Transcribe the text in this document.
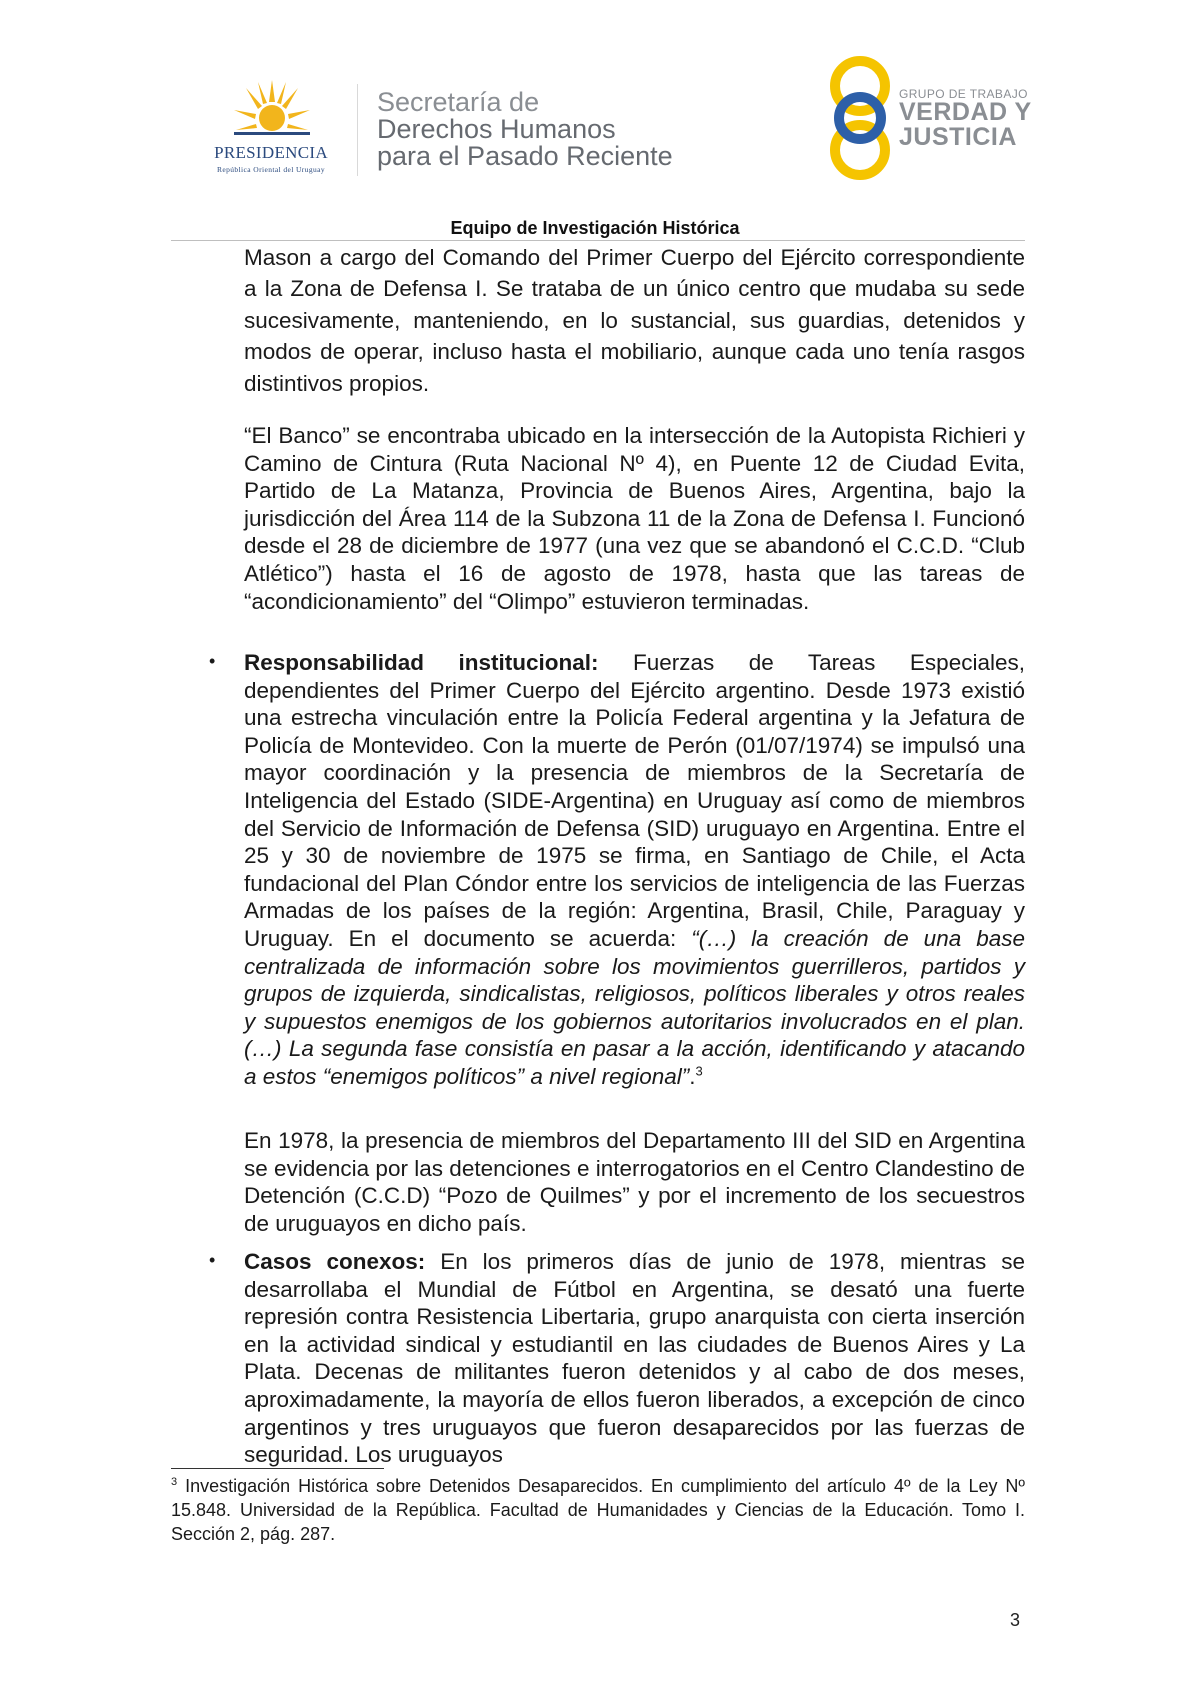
PRESIDENCIA
República Oriental del Uruguay
Secretaría de
Derechos Humanos
para el Pasado Reciente
GRUPO DE TRABAJO
VERDAD Y
JUSTICIA
Equipo de Investigación Histórica
Mason a cargo del Comando del Primer Cuerpo del Ejército correspondiente a la Zona de Defensa I. Se trataba de un único centro que mudaba su sede sucesivamente, manteniendo, en lo sustancial, sus guardias, detenidos y modos de operar, incluso hasta el mobiliario, aunque cada uno tenía rasgos distintivos propios.
“El Banco” se encontraba ubicado en la intersección de la Autopista Richieri y Camino de Cintura (Ruta Nacional Nº 4), en Puente 12 de Ciudad Evita, Partido de La Matanza, Provincia de Buenos Aires, Argentina, bajo la jurisdicción del Área 114 de la Subzona 11 de la Zona de Defensa I. Funcionó desde el 28 de diciembre de 1977 (una vez que se abandonó el C.C.D. “Club Atlético”) hasta el 16 de agosto de 1978, hasta que las tareas de “acondicionamiento” del “Olimpo” estuvieron terminadas.
• Responsabilidad institucional: Fuerzas de Tareas Especiales, dependientes del Primer Cuerpo del Ejército argentino. Desde 1973 existió una estrecha vinculación entre la Policía Federal argentina y la Jefatura de Policía de Montevideo. Con la muerte de Perón (01/07/1974) se impulsó una mayor coordinación y la presencia de miembros de la Secretaría de Inteligencia del Estado (SIDE-Argentina) en Uruguay así como de miembros del Servicio de Información de Defensa (SID) uruguayo en Argentina. Entre el 25 y 30 de noviembre de 1975 se firma, en Santiago de Chile, el Acta fundacional del Plan Cóndor entre los servicios de inteligencia de las Fuerzas Armadas de los países de la región: Argentina, Brasil, Chile, Paraguay y Uruguay. En el documento se acuerda: “(…) la creación de una base centralizada de información sobre los movimientos guerrilleros, partidos y grupos de izquierda, sindicalistas, religiosos, políticos liberales y otros reales y supuestos enemigos de los gobiernos autoritarios involucrados en el plan. (…) La segunda fase consistía en pasar a la acción, identificando y atacando a estos “enemigos políticos” a nivel regional”.$^3$
En 1978, la presencia de miembros del Departamento III del SID en Argentina se evidencia por las detenciones e interrogatorios en el Centro Clandestino de Detención (C.C.D) “Pozo de Quilmes” y por el incremento de los secuestros de uruguayos en dicho país.
• Casos conexos: En los primeros días de junio de 1978, mientras se desarrollaba el Mundial de Fútbol en Argentina, se desató una fuerte represión contra Resistencia Libertaria, grupo anarquista con cierta inserción en la actividad sindical y estudiantil en las ciudades de Buenos Aires y La Plata. Decenas de militantes fueron detenidos y al cabo de dos meses, aproximadamente, la mayoría de ellos fueron liberados, a excepción de cinco argentinos y tres uruguayos que fueron desaparecidos por las fuerzas de seguridad. Los uruguayos
$^3$ Investigación Histórica sobre Detenidos Desaparecidos. En cumplimiento del artículo 4º de la Ley Nº 15.848. Universidad de la República. Facultad de Humanidades y Ciencias de la Educación. Tomo I. Sección 2, pág. 287.
3
